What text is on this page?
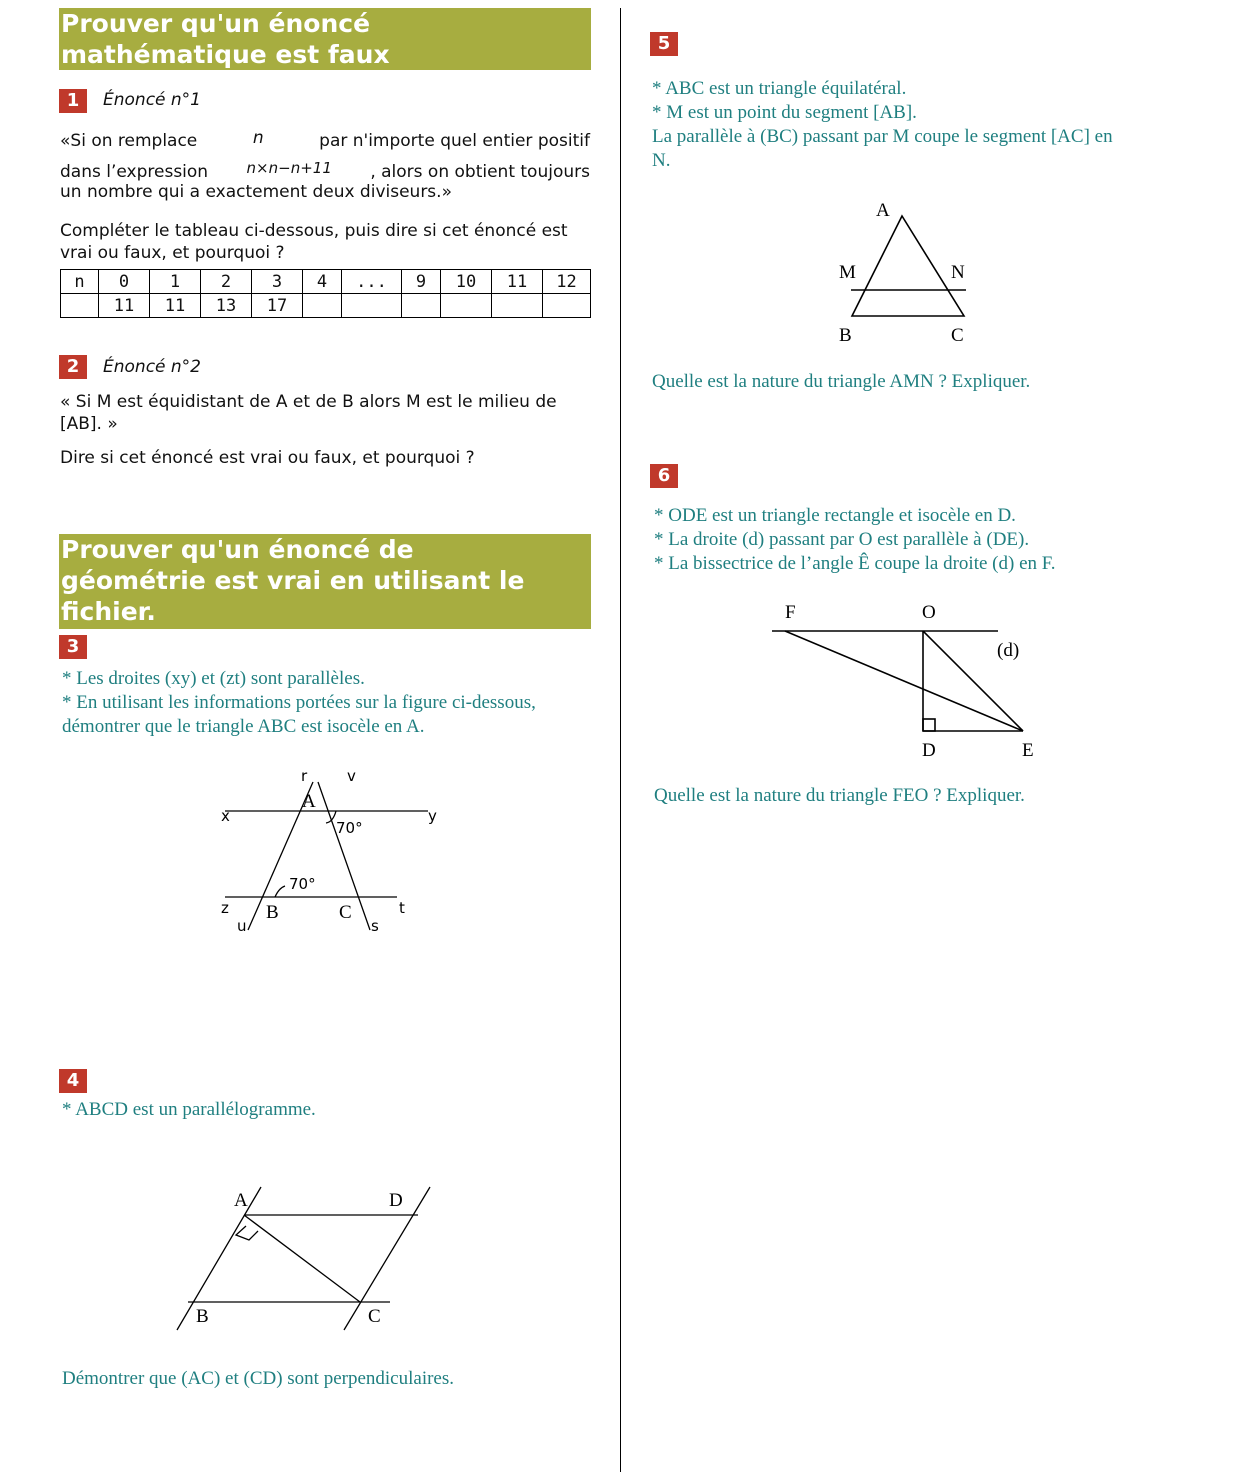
Prouver qu'un énoncé
mathématique est faux
1	Énoncé n°1
«Si on remplace	n	par n'importe quel entier positif
dans l’expression	n×n−n+11 , alors on obtient toujours
un nombre qui a exactement deux diviseurs.»
Compléter le tableau ci-dessous, puis dire si cet énoncé est vrai ou faux, et pourquoi ?
n	0	1	2	3	4	...	9	10	11	12
	11	11	13	17						
2	Énoncé n°2
« Si M est équidistant de A et de B alors M est le milieu de [AB]. »
Dire si cet énoncé est vrai ou faux, et pourquoi ?
Prouver qu'un énoncé de
géométrie est vrai en utilisant le
fichier.
3
* Les droites (xy) et (zt) sont parallèles.
* En utilisant les informations portées sur la figure ci-dessous,
démontrer que le triangle ABC est isocèle en A.
r	v
A
x	y
70°
70°
z B	C	t
u	s
4
* ABCD est un parallélogramme.
A	D
B	C
Démontrer que (AC) et (CD) sont perpendiculaires.
5
* ABC est un triangle équilatéral.
* M est un point du segment [AB].
La parallèle à (BC) passant par M coupe le segment [AC] en
N.
A
M	N
B	C
Quelle est la nature du triangle AMN ? Expliquer.
6
* ODE est un triangle rectangle et isocèle en D.
* La droite (d) passant par O est parallèle à (DE).
* La bissectrice de l’angle Ê coupe la droite (d) en F.
F	O
(d)
D	E
Quelle est la nature du triangle FEO ? Expliquer.
